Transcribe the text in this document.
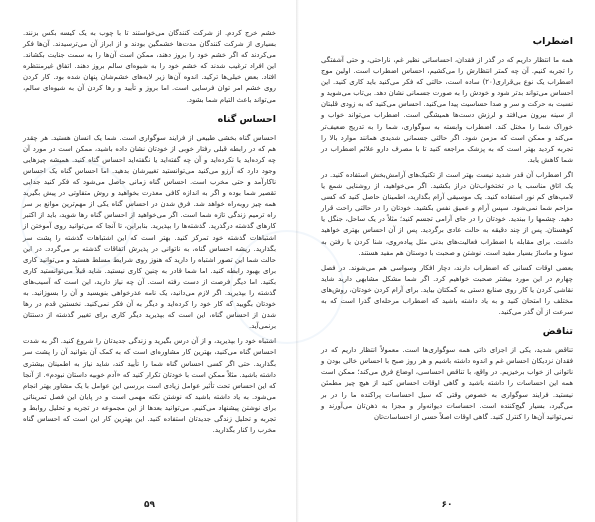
اضطراب

همه ما انتظار داریم که در گذر از فقدان، احساساتی نظیر غم، ناراحتی، و حتی آشفتگی را تجربه کنیم. آن چه کمتر انتظارش را می‌کشیم، احساس اضطراب است. اولین موج اضطراب یک نوع بی‌قراری(۲۰) ساده است، حالتی که فکر می‌کنید باید کاری کنید. این احساس می‌تواند بدتر شود و خودش را به صورت جسمانی نشان دهد. بی‌تاب می‌شوید و نسبت به حرکت و سر و صدا حساسیت پیدا می‌کنید. احساس می‌کنید که به زودی قلبتان از سینه بیرون می‌افتد و لرزش دست‌ها همیشگی است. اضطراب می‌تواند خواب و خوراک شما را مختل کند. اضطراب وابسته به سوگواری، شما را به تدریج ضعیف‌تر می‌کند و ممکن است که مزمن شود. اگر حالتی جسمانی شدیدی همانند موارد بالا را تجربه کردید بهتر است که به پزشک مراجعه کنید تا با مصرف دارو علائم اضطراب در شما کاهش یابد.

اگر اضطراب آن قدر شدید نیست بهتر است از تکنیک‌های آرامش‌بخش استفاده کنید. در یک اتاق مناسب یا در تختخواب‌تان دراز بکشید. اگر می‌خواهید، از روشنایی شمع یا لامپ‌های کم نور استفاده کنید. یک موسیقی آرام بگذارید، اطمینان حاصل کنید که کسی مزاحم شما نمی‌شود. سپس آرام و عمیق نفس بکشید. خودتان را در حالتی راحت قرار دهید. چشمها را ببندید. خودتان را در جای آرامی تجسم کنید؛ مثلاً در یک ساحل، جنگل یا کوهستان. پس از چند دقیقه به حالت عادی برگردید. پس از آن احساس بهتری خواهید داشت. برای مقابله با اضطراب فعالیت‌های بدنی مثل پیاده‌روی، شنا کردن یا رفتن به سونا و ماساژ بسیار مفید است. نوشتن و صحبت با دوستان هم مفید هستند.

بعضی اوقات کسانی که اضطراب دارند، دچار افکار وسواسی هم می‌شوند. در فصل چهارم در این مورد بیشتر صحبت خواهیم کرد. اگر شما مشکل مشابهی دارید شاید نقاشی کردن یا کار روی صنایع دستی به کمکتان بیاید. برای آرام کردن خودتان، روش‌های مختلف را امتحان کنید و به یاد داشته باشید که اضطراب مرحله‌ای گذرا است که به سرعت از آن گذر می‌کنید.

تناقض

تناقض شدید، یکی از اجزای ذاتی همه سوگواری‌ها است. معمولاً انتظار داریم که در فقدان نزدیکان احساس غم و اندوه داشته باشیم و هر روز صبح با احساس خالی بودن و ناتوانی از خواب برخیزیم. در واقع، با تناقض احساسی، اوضاع فرق می‌کند؛ ممکن است همه این احساسات را داشته باشید و گاهی اوقات احساس کنید از هیچ چیز مطمئن نیستید. فرایند سوگواری به خصوص وقتی که سیل احساسات پراکنده ما را در بر می‌گیرد، بسیار گیج‌کننده است. احساسات دیوانه‌وار و مجزا به ذهن‌تان می‌آورند و نمی‌توانید آن‌ها را کنترل کنید. گاهی اوقات اصلاً حسی از احساسات‌تان

۶۰

خشم خرج کردم. از شرکت کنندگان می‌خواستند تا با چوب به یک کیسه بکس بزنند. بسیاری از شرکت کنندگان مدت‌ها خشمگین بودند و از ابراز آن می‌ترسیدند. آن‌ها فکر می‌کردند که اگر خشم خود را بروز دهند، ممکن است آن‌ها را به سمت جنایت بکشاند. این افراد ترغیب شدند که خشم خود را به شیوه‌ای سالم بروز دهند. اتفاق غیرمنتظره افتاد. بعض خیلی‌ها ترکید. اندوه آن‌ها زیر لایه‌های خشم‌شان پنهان شده بود. کار کردن روی خشم امر توان فرسایی است. اما بروز و تأیید و رها کردن آن به شیوه‌ای سالم، می‌تواند باعث التیام شما بشود.

احساس گناه

احساس گناه بخشی طبیعی از فرایند سوگواری است. شما یک انسان هستید. هر چقدر هم که در رابطه قبلی رفتار خوبی از خودتان نشان داده باشید، ممکن است در مورد آن چه کرده‌اید یا نکرده‌اید و آن چه گفته‌اید یا نگفته‌اید احساس گناه کنید. همیشه چیزهایی وجود دارد که آرزو می‌کنید می‌توانستید تغییرشان بدهید. اما احساس گناه یک احساس ناکارآمد و حتی مخرب است. احساس گناه زمانی حاصل می‌شود که فکر کنید جدایی تقصیر شما بوده و اگر به اندازه کافی معذرت بخواهید و روش متفاوتی در پیش بگیرید همه چیز روبه‌راه خواهد شد. فرق شدن در احساس گناه یکی از مهم‌ترین موانع بر سر راه ترمیم زندگی تازه شما است. اگر می‌خواهید از احساس گناه رها شوید، باید از اکتبر کارهای گذشته درگذرید. گذشته‌ها را بپذیرید. بنابراین، تا آنجا که می‌توانید روی آموختن از اشتباهات گذشته خود تمرکز کنید. بهتر است که این اشتباهات گذشته را پشت سر بگذارید. ریشه احساس گناه، به ناتوانی در پذیرش اتفاقات گذشته بر می‌گردد. در این حالت شما این تصور اشتباه را دارید که هنوز روی شرایط مسلط هستید و می‌توانید کاری برای بهبود رابطه کنید. اما شما قادر به چنین کاری نیستید. شاید قبلاً می‌توانستید کاری بکنید. اما دیگر فرصت از دست رفته است. آن چه نیاز دارید، این است که آسیب‌های گذشته را بپذیرید. اگر لازم می‌دانید، یک نامه عذرخواهی بنویسید و آن را بسوزانید. به خودتان بگویید که کار خود را کرده‌اید و دیگر به آن فکر نمی‌کنید. نخستین قدم در رها شدن از احساس گناه، این است که بپذیرید دیگر کاری برای تغییر گذشته از دستتان برنمی‌آید.

اشتباه خود را بپذیرید، و از آن درس بگیرید و زندگی جدیدتان را شروع کنید. اگر به شدت احساس گناه می‌کنید، بهترین کار مشاوره‌ای است که به کمک آن بتوانید آن را پشت سر بگذارید. حتی اگر کسی احساس گناه شما را تأیید کند، شاید نیاز به اطمینان بیشتری داشته باشید. مثلاً ممکن است با خودتان تکرار کنید که «آدم خوبیه داستان نبودم». از آنجا که این احساس تحت تأثیر عوامل زیادی است بررسی این عوامل با یک مشاور بهتر انجام می‌شود. به یاد داشته باشید که نوشتن نکته مهمی است و در پایان این فصل تمریناتی برای نوشتن پیشنهاد می‌کنیم. می‌توانید بعدها از این مجموعه در تجربه و تحلیل روابط و تجربه و تحلیل زندگی جدیدتان استفاده کنید. این بهترین کار این است که احساس گناه مخرب را کنار بگذارید.

۵۹
